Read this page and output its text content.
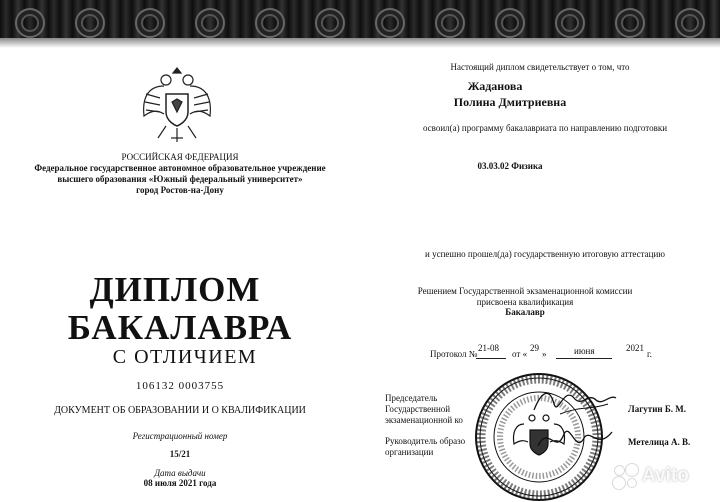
РОССИЙСКАЯ ФЕДЕРАЦИЯ
Федеральное государственное автономное образовательное учреждение
высшего образования «Южный федеральный университет»
город Ростов-на-Дону
ДИПЛОМ
БАКАЛАВРА
С ОТЛИЧИЕМ
106132 0003755
ДОКУМЕНТ ОБ ОБРАЗОВАНИИ И О КВАЛИФИКАЦИИ
Регистрационный номер
15/21
Дата выдачи
08 июля 2021 года
Настоящий диплом свидетельствует о том, что
Жаданова
Полина Дмитриевна
освоил(а) программу бакалавриата по направлению подготовки
03.03.02 Физика
и успешно прошел(да) государственную итоговую аттестацию
Решением Государственной экзаменационной комиссии
присвоена квалификация
Бакалавр
Протокол №
21-08
от «
29
»	июня	2021
г.
Председатель
Государственной
экзаменационной ко
Лагутин Б. М.
Руководитель образо
организации
Метелица А. В.
Avito
